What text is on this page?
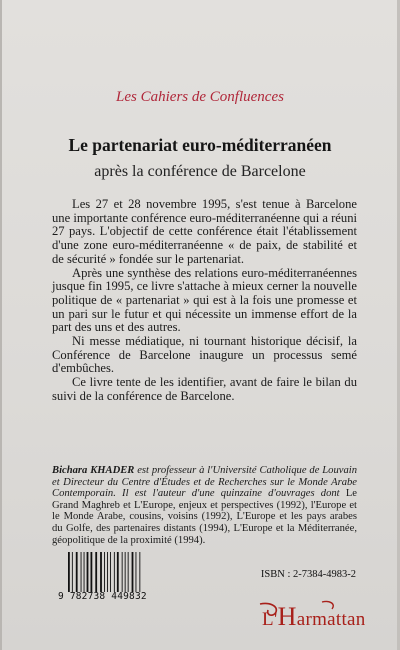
Les Cahiers de Confluences
Le partenariat euro-méditerranéen
après la conférence de Barcelone

Les 27 et 28 novembre 1995, s'est tenue à Barcelone une importante conférence euro-méditerranéenne qui a réuni 27 pays. L'objectif de cette conférence était l'établissement d'une zone euro-méditerranéenne « de paix, de stabilité et de sécurité » fondée sur le partenariat.

Après une synthèse des relations euro-méditerranéennes jusque fin 1995, ce livre s'attache à mieux cerner la nouvelle politique de « partenariat » qui est à la fois une promesse et un pari sur le futur et qui nécessite un immense effort de la part des uns et des autres.

Ni messe médiatique, ni tournant historique décisif, la Conférence de Barcelone inaugure un processus semé d'embûches.

Ce livre tente de les identifier, avant de faire le bilan du suivi de la conférence de Barcelone.

Bichara KHADER est professeur à l'Université Catholique de Louvain et Directeur du Centre d'Études et de Recherches sur le Monde Arabe Contemporain. Il est l'auteur d'une quinzaine d'ouvrages dont Le Grand Maghreb et L'Europe, enjeux et perspectives (1992), l'Europe et le Monde Arabe, cousins, voisins (1992), L'Europe et les pays arabes du Golfe, des partenaires distants (1994), L'Europe et la Méditerranée, géopolitique de la proximité (1994).
9 782738 449832
ISBN : 2-7384-4983-2
L'Harmattan
